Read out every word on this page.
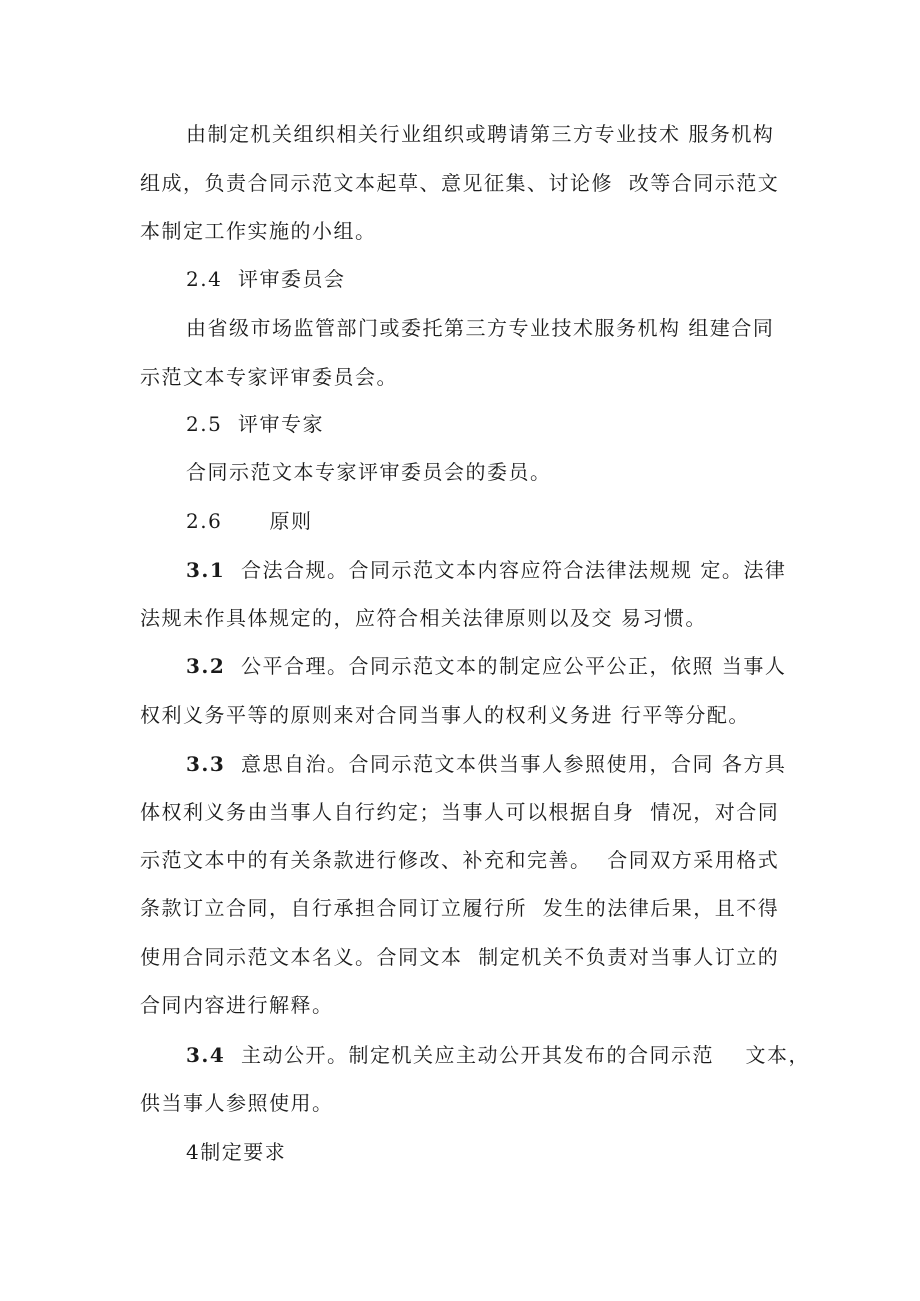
由制定机关组织相关行业组织或聘请第三方专业技术 服务机构
组成，负责合同示范文本起草、意见征集、讨论修  改等合同示范文
本制定工作实施的小组。
2.4  评审委员会
由省级市场监管部门或委托第三方专业技术服务机构 组建合同
示范文本专家评审委员会。
2.5  评审专家
合同示范文本专家评审委员会的委员。
2.6      原则
3.1 合法合规。合同示范文本内容应符合法律法规规 定。法律
法规未作具体规定的，应符合相关法律原则以及交 易习惯。
3.2 公平合理。合同示范文本的制定应公平公正，依照 当事人
权利义务平等的原则来对合同当事人的权利义务进 行平等分配。
3.3 意思自治。合同示范文本供当事人参照使用，合同 各方具
体权利义务由当事人自行约定；当事人可以根据自身  情况，对合同
示范文本中的有关条款进行修改、补充和完善。  合同双方采用格式
条款订立合同，自行承担合同订立履行所  发生的法律后果，且不得
使用合同示范文本名义。合同文本  制定机关不负责对当事人订立的
合同内容进行解释。
3.4 主动公开。制定机关应主动公开其发布的合同示范    文本，
供当事人参照使用。
4制定要求
